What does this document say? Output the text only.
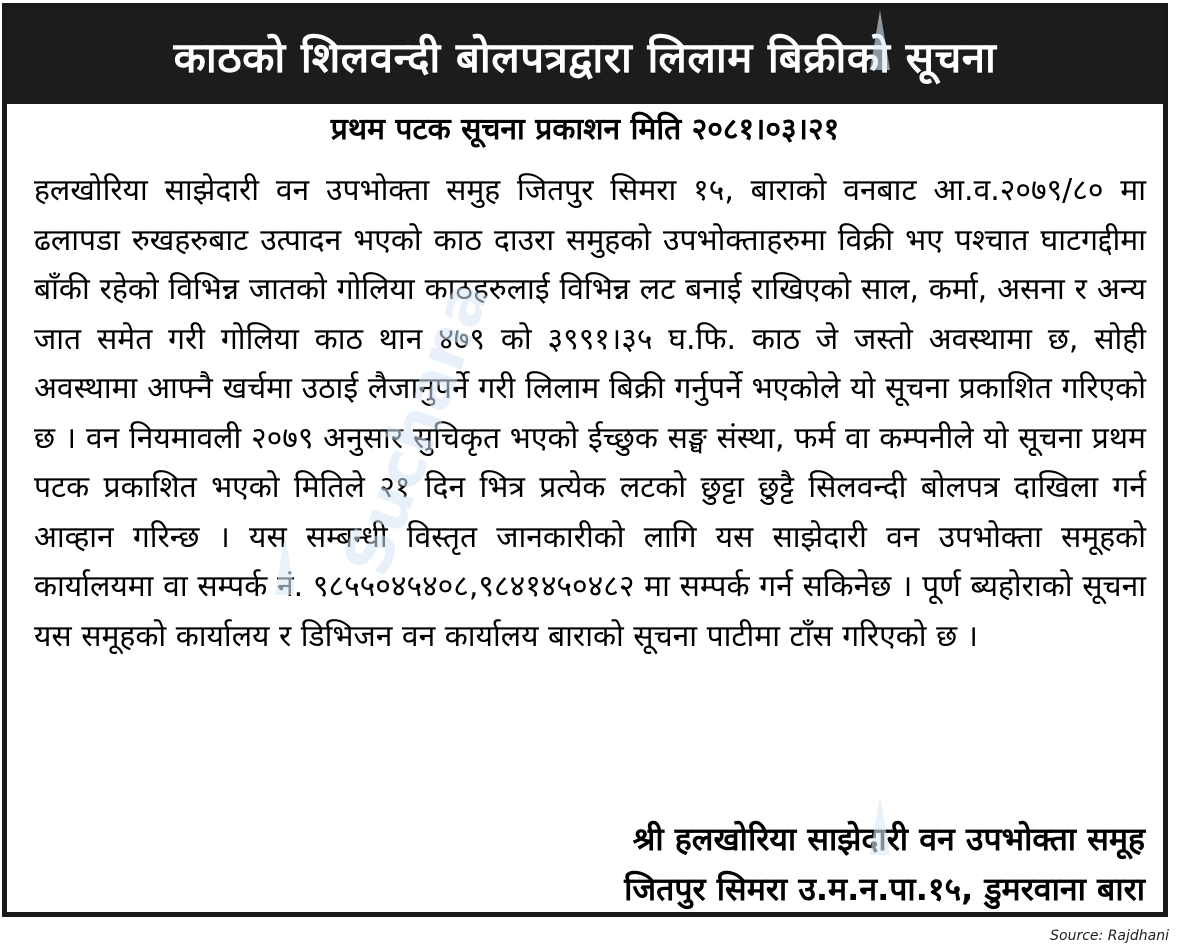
काठको शिलवन्दी बोलपत्रद्वारा लिलाम बिक्रीको सूचना
प्रथम पटक सूचना प्रकाशन मिति २०८१।०३।२१

हलखोरिया साझेदारी वन उपभोक्ता समुह जितपुर सिमरा १५, बाराको वनबाट आ.व.२०७९/८० मा ढलापडा रुखहरुबाट उत्पादन भएको काठ दाउरा समुहको उपभोक्ताहरुमा विक्री भए पश्चात घाटगद्दीमा बाँकी रहेको विभिन्न जातको गोलिया काठहरुलाई विभिन्न लट बनाई राखिएको साल, कर्मा, असना र अन्य जात समेत गरी गोलिया काठ थान ४७९ को ३९९१।३५ घ.फि. काठ जे जस्तो अवस्थामा छ, सोही अवस्थामा आफ्नै खर्चमा उठाई लैजानुपर्ने गरी लिलाम बिक्री गर्नुपर्ने भएकोले यो सूचना प्रकाशित गरिएको छ । वन नियमावली २०७९ अनुसार सुचिकृत भएको ईच्छुक सङ्घ संस्था, फर्म वा कम्पनीले यो सूचना प्रथम पटक प्रकाशित भएको मितिले २१ दिन भित्र प्रत्येक लटको छुट्टा छुट्टै सिलवन्दी बोलपत्र दाखिला गर्न आव्हान गरिन्छ । यस सम्बन्धी विस्तृत जानकारीको लागि यस साझेदारी वन उपभोक्ता समूहको कार्यालयमा वा सम्पर्क नं. ९८५५०४५४०८,९८४१४५०४८२ मा सम्पर्क गर्न सकिनेछ । पूर्ण ब्यहोराको सूचना यस समूहको कार्यालय र डिभिजन वन कार्यालय बाराको सूचना पाटीमा टाँस गरिएको छ ।

श्री हलखोरिया साझेदारी वन उपभोक्ता समूह
जितपुर सिमरा उ.म.न.पा.१५, डुमरवाना बारा
Suchana
Source: Rajdhani
